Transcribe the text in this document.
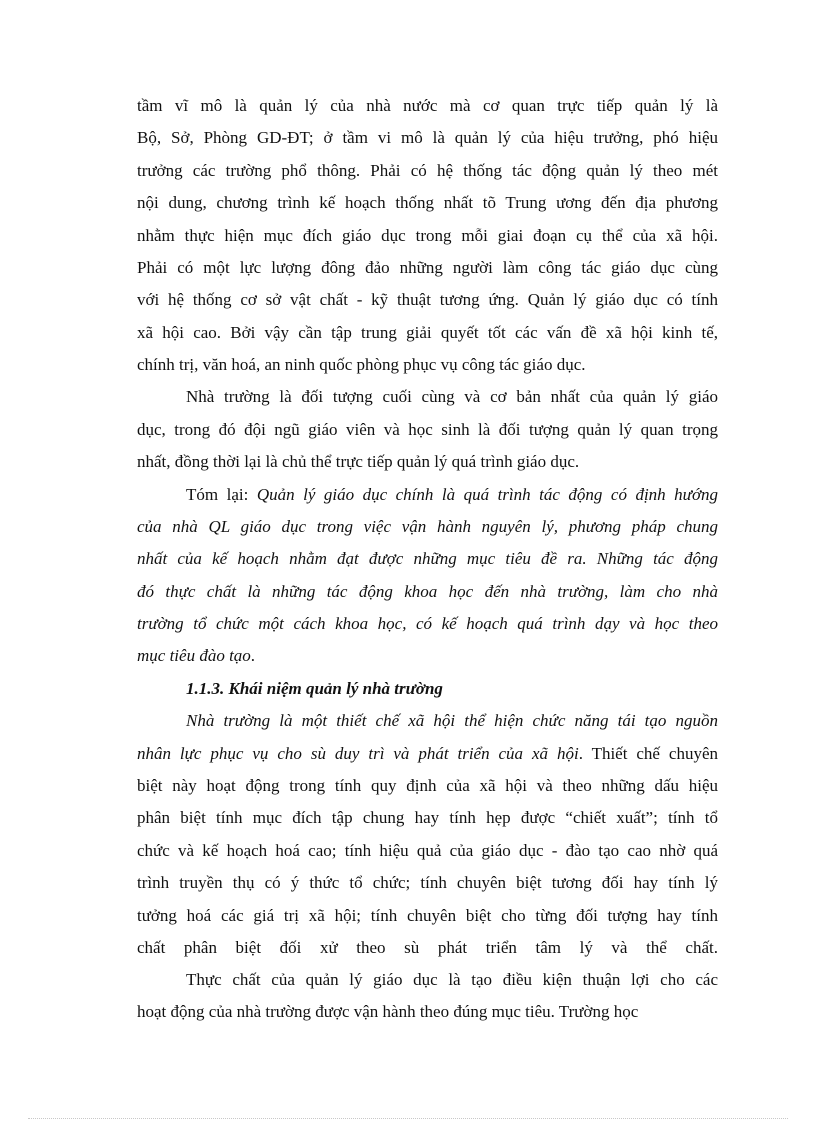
tầm vĩ mô là quản lý của nhà nước mà cơ quan trực tiếp quản lý là
Bộ, Sở, Phòng GD-ĐT; ở tầm vi mô là quản lý của hiệu trưởng, phó hiệu
trưởng các trường phổ thông. Phải có hệ thống tác động quản lý theo mét
nội dung, chương trình kế hoạch thống nhất tõ Trung ương đến địa phương
nhằm thực hiện mục đích giáo dục trong mỗi giai đoạn cụ thể của xã hội.
Phải có một lực lượng đông đảo những người làm công tác giáo dục cùng
với hệ thống cơ sở vật chất - kỹ thuật tương ứng. Quản lý giáo dục có tính
xã hội cao. Bởi vậy cần tập trung giải quyết tốt các vấn đề xã hội kinh tế,
chính trị, văn hoá, an ninh quốc phòng phục vụ công tác giáo dục.
Nhà trường là đối tượng cuối cùng và cơ bản nhất của quản lý giáo
dục, trong đó đội ngũ giáo viên và học sinh là đối tượng quản lý quan trọng
nhất, đồng thời lại là chủ thể trực tiếp quản lý quá trình giáo dục.
Tóm lại: Quản lý giáo dục chính là quá trình tác động có định hướng
của nhà QL giáo dục trong việc vận hành nguyên lý, phương pháp chung
nhất của kế hoạch nhằm đạt được những mục tiêu đề ra. Những tác động
đó thực chất là những tác động khoa học đến nhà trường, làm cho nhà
trường tổ chức một cách khoa học, có kế hoạch quá trình dạy và học theo
mục tiêu đào tạo.
1.1.3. Khái niệm quản lý nhà trường
Nhà trường là một thiết chế xã hội thể hiện chức năng tái tạo nguồn
nhân lực phục vụ cho sù duy trì và phát triển của xã hội. Thiết chế chuyên
biệt này hoạt động trong tính quy định của xã hội và theo những dấu hiệu
phân biệt tính mục đích tập chung hay tính hẹp được “chiết xuất”; tính tổ
chức và kế hoạch hoá cao; tính hiệu quả của giáo dục - đào tạo cao nhờ quá
trình truyền thụ có ý thức tổ chức; tính chuyên biệt tương đối hay tính lý
tưởng hoá các giá trị xã hội; tính chuyên biệt cho từng đối tượng hay tính
chất phân biệt đối xử theo sù phát triển tâm lý và thể chất.
Thực chất của quản lý giáo dục là tạo điều kiện thuận lợi cho các
hoạt động của nhà trường được vận hành theo đúng mục tiêu. Trường học
